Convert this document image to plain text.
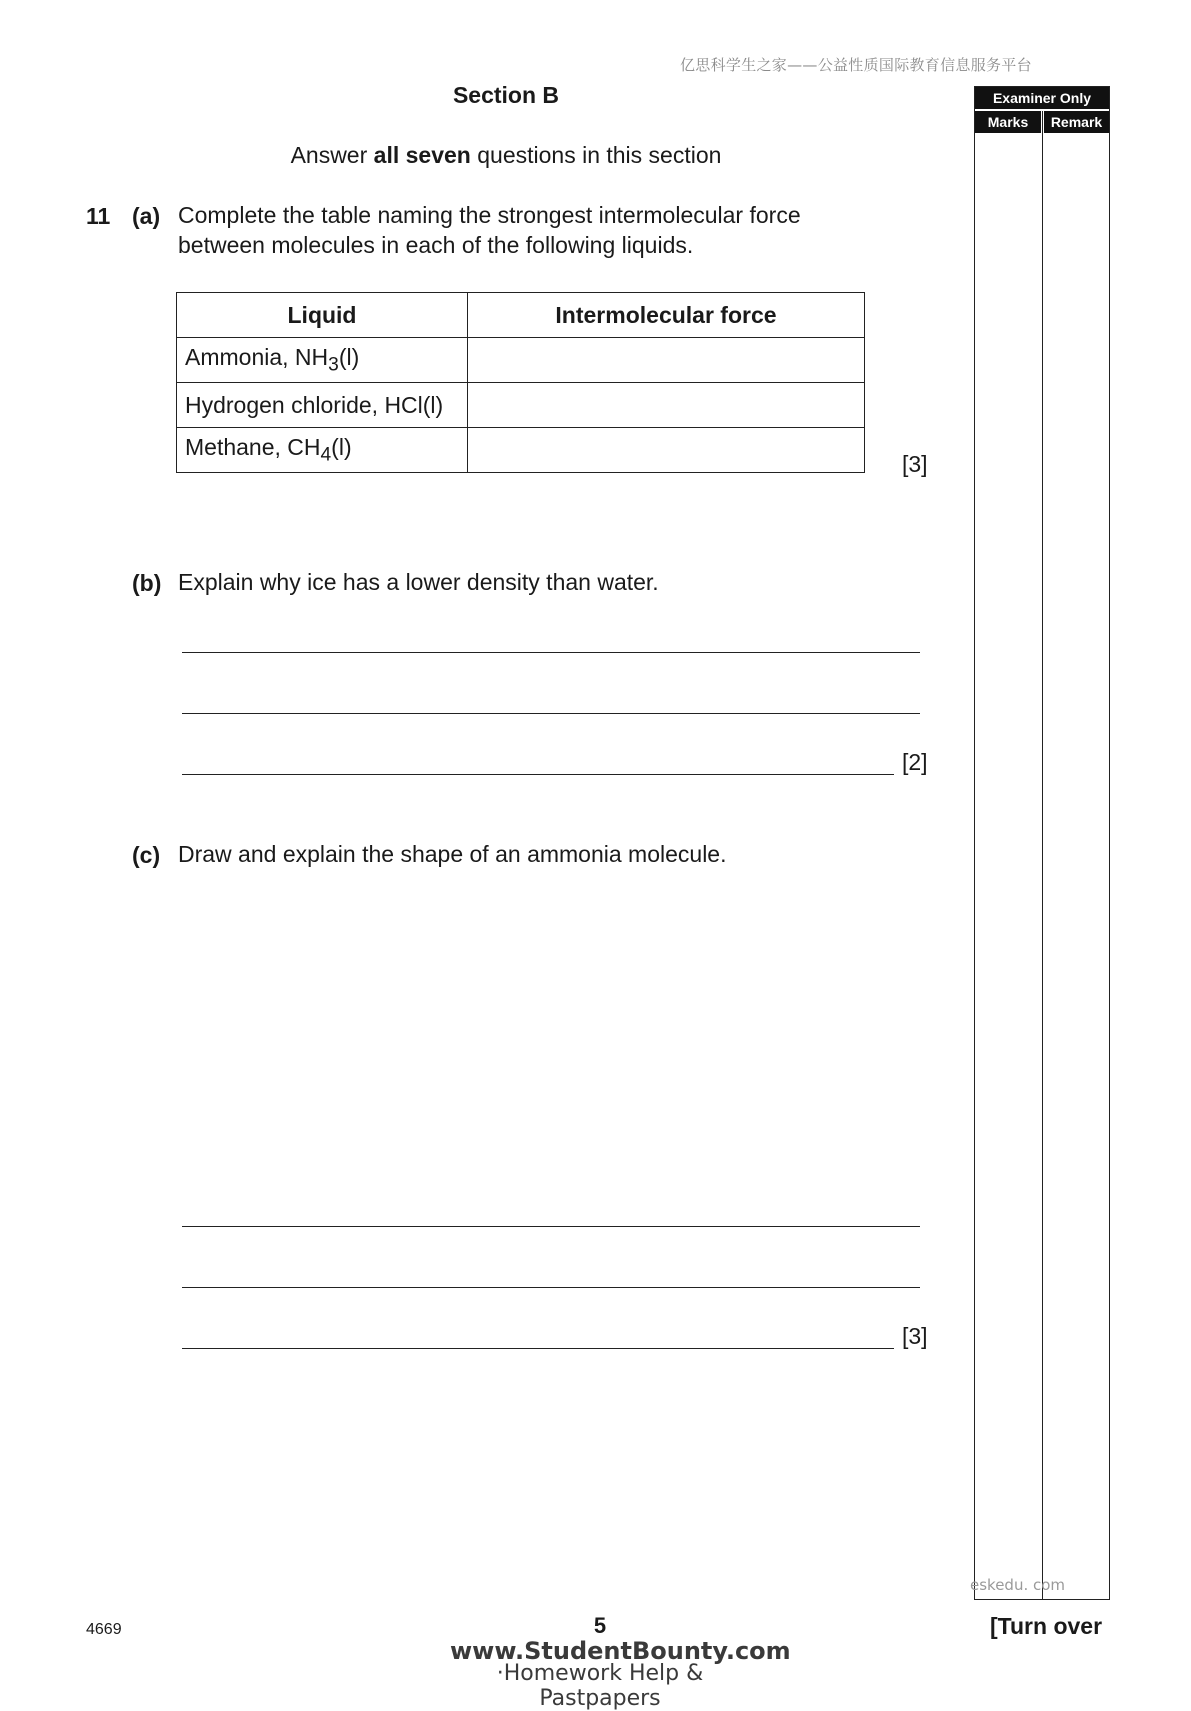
亿思科学生之家——公益性质国际教育信息服务平台
Section B
Answer all seven questions in this section
11 (a) Complete the table naming the strongest intermolecular force
between molecules in each of the following liquids.
Liquid	Intermolecular force
Ammonia, $NH_3(l)$	
Hydrogen chloride, HCl(l)	
Methane, $CH_4(l)$	
[3]
(b) Explain why ice has a lower density than water.
[2]
(c) Draw and explain the shape of an ammonia molecule.
[3]
Examiner Only
Marks	Remark
eskedu. com
4669	5	[Turn over
www.StudentBounty.com
·Homework Help & Pastpapers
